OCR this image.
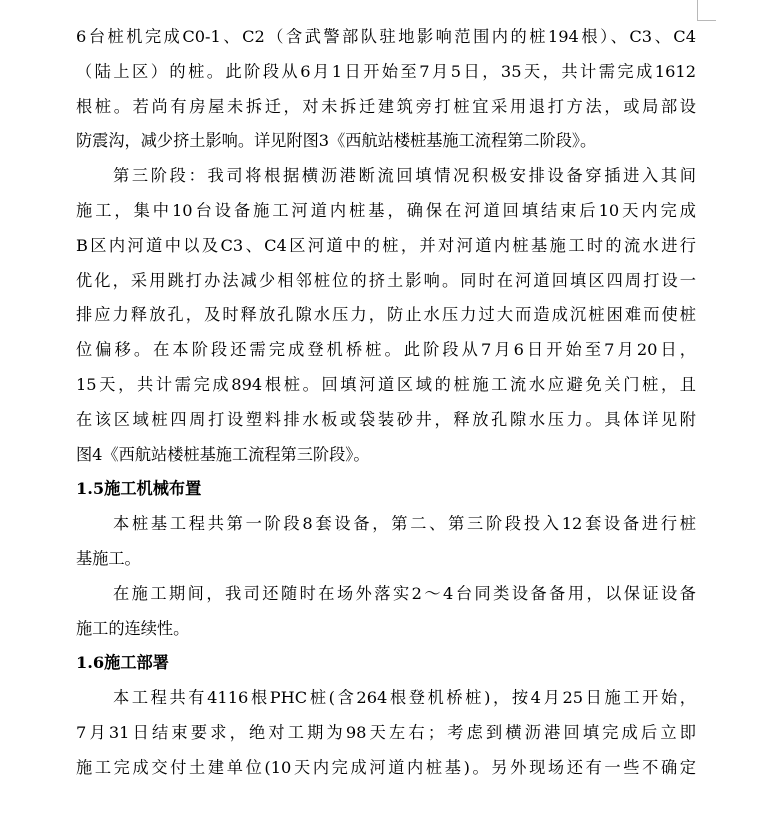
6台桩机完成C0-1、C2（含武警部队驻地影响范围内的桩194根）、C3、C4
（陆上区）的桩。此阶段从6月1日开始至7月5日，35天，共计需完成1612
根桩。若尚有房屋未拆迁，对未拆迁建筑旁打桩宜采用退打方法，或局部设
防震沟，减少挤土影响。详见附图3《西航站楼桩基施工流程第二阶段》。
第三阶段：我司将根据横沥港断流回填情况积极安排设备穿插进入其间
施工，集中10台设备施工河道内桩基，确保在河道回填结束后10天内完成
B区内河道中以及C3、C4区河道中的桩，并对河道内桩基施工时的流水进行
优化，采用跳打办法减少相邻桩位的挤土影响。同时在河道回填区四周打设一
排应力释放孔，及时释放孔隙水压力，防止水压力过大而造成沉桩困难而使桩
位偏移。在本阶段还需完成登机桥桩。此阶段从7月6日开始至7月20日，
15天，共计需完成894根桩。回填河道区域的桩施工流水应避免关门桩，且
在该区域桩四周打设塑料排水板或袋装砂井，释放孔隙水压力。具体详见附
图4《西航站楼桩基施工流程第三阶段》。
1.5施工机械布置
本桩基工程共第一阶段8套设备，第二、第三阶段投入12套设备进行桩
基施工。
在施工期间，我司还随时在场外落实2～4台同类设备备用，以保证设备
施工的连续性。
1.6施工部署
本工程共有4116根PHC桩(含264根登机桥桩)，按4月25日施工开始，
7月31日结束要求，绝对工期为98天左右；考虑到横沥港回填完成后立即
施工完成交付土建单位(10天内完成河道内桩基)。另外现场还有一些不确定
